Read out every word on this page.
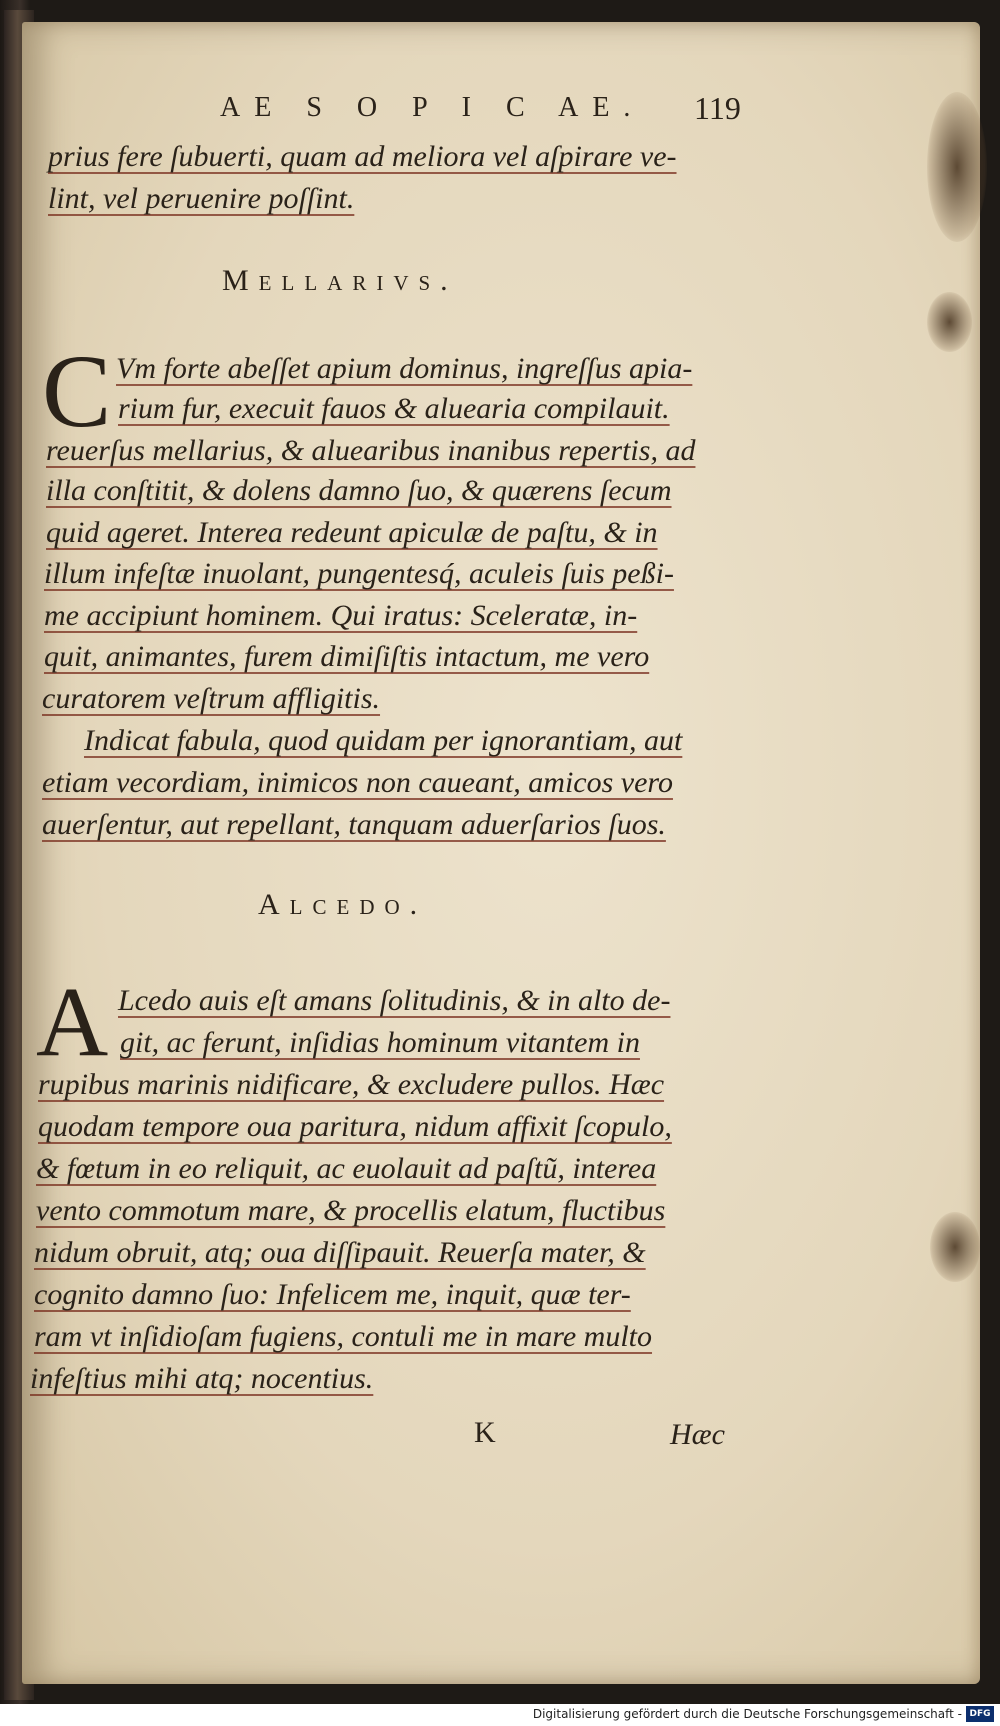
AE S O P I C AE. 119

prius fere ſubuerti, quam ad meliora vel aſpirare ve-

lint, vel peruenire poſſint.

Mellarivs.

C Vm forte abeſſet apium dominus, ingreſſus apia-

rium fur, execuit fauos & aluearia compilauit.

reuerſus mellarius, & aluearibus inanibus repertis, ad

illa conſtitit, & dolens damno ſuo, & quærens ſecum

quid ageret. Interea redeunt apiculæ de paſtu, & in

illum infeſtæ inuolant, pungentesq́, aculeis ſuis peßi-

me accipiunt hominem. Qui iratus: Sceleratæ, in-

quit, animantes, furem dimiſiſtis intactum, me vero

curatorem veſtrum affligitis.

Indicat fabula, quod quidam per ignorantiam, aut

etiam vecordiam, inimicos non caueant, amicos vero

auerſentur, aut repellant, tanquam aduerſarios ſuos.

Alcedo.

A Lcedo auis eſt amans ſolitudinis, & in alto de-

git, ac ferunt, inſidias hominum vitantem in

rupibus marinis nidificare, & excludere pullos. Hæc

quodam tempore oua paritura, nidum affixit ſcopulo,

& fœtum in eo reliquit, ac euolauit ad paſtũ, interea

vento commotum mare, & procellis elatum, fluctibus

nidum obruit, atq; oua diſſipauit. Reuerſa mater, &

cognito damno ſuo: Infelicem me, inquit, quæ ter-

ram vt inſidioſam fugiens, contuli me in mare multo

infeſtius mihi atq; nocentius.

K	Hæc

Digitalisierung gefördert durch die Deutsche Forschungsgemeinschaft - DFG
